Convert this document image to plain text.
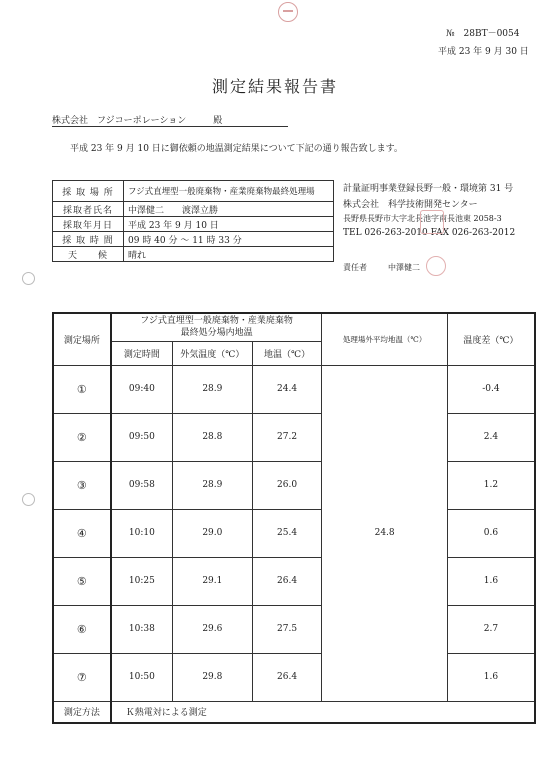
№　28BT－0054
平成 23 年 9 月 30 日
測定結果報告書
株式会社　フジコーポレーション　　　殿
平成 23 年 9 月 10 日に御依頼の地温測定結果について下記の通り報告致します。
採 取 場 所	フジ式直埋型一般廃棄物・産業廃棄物最終処理場
採取者氏名	中澤健二　　渡澤立勝
採取年月日	平成 23 年 9 月 10 日
採 取 時 間	09 時 40 分 ～ 11 時 33 分
天　　候	晴れ
計量証明事業登録長野一般・環境第 31 号
株式会社　科学技術開発センター
長野県長野市大字北長池字南長池東 2058-3
TEL 026-263-2010 FAX 026-263-2012
責任者	中澤健二
測定場所	フジ式直埋型一般廃棄物・産業廃棄物
最終処分場内地温			処理場外平均地温（℃）	温度差（℃）
	測定時間	外気温度（℃）	地温（℃）		
①	09:40	28.9	24.4	24.8	-0.4
②	09:50	28.8	27.2		2.4
③	09:58	28.9	26.0		1.2
④	10:10	29.0	25.4		0.6
⑤	10:25	29.1	26.4		1.6
⑥	10:38	29.6	27.5		2.7
⑦	10:50	29.8	26.4		1.6
測定方法	Ｋ熱電対による測定				
